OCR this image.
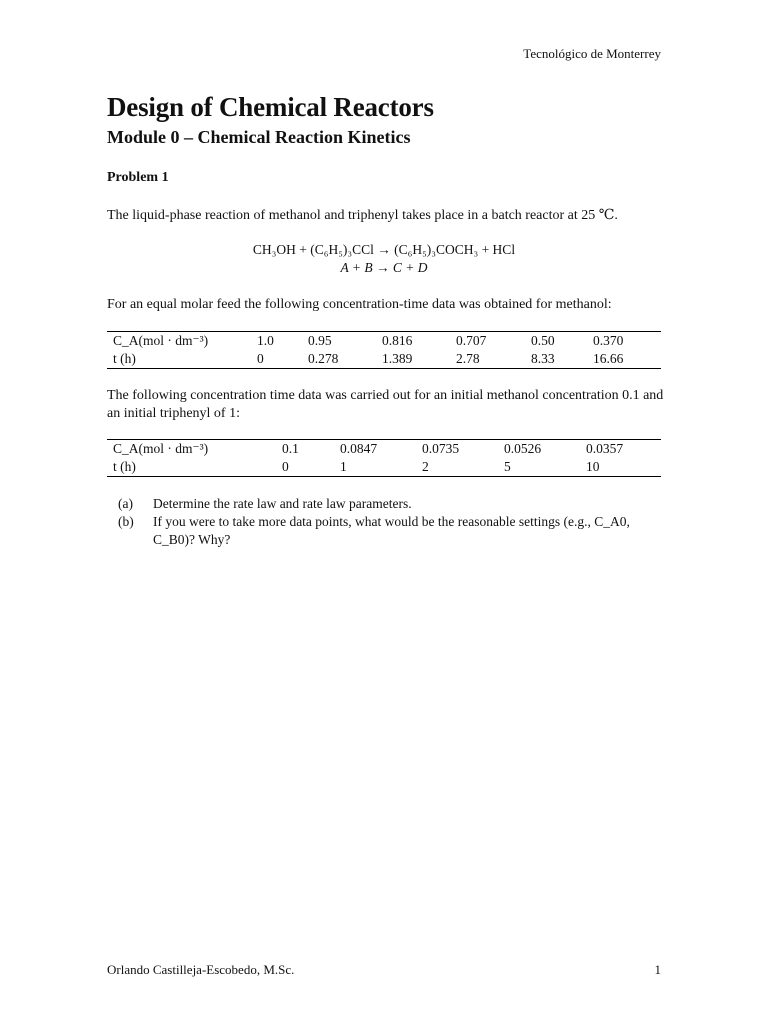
Tecnológico de Monterrey
Design of Chemical Reactors
Module 0 – Chemical Reaction Kinetics
Problem 1
The liquid-phase reaction of methanol and triphenyl takes place in a batch reactor at 25 ℃.
CH₃OH + (C₆H₅)₃CCl → (C₆H₅)₃COCH₃ + HCl
A + B → C + D
For an equal molar feed the following concentration-time data was obtained for methanol:
C_A(mol · dm⁻³)	1.0	0.95	0.816	0.707	0.50	0.370
t (h)	0	0.278	1.389	2.78	8.33	16.66
The following concentration time data was carried out for an initial methanol concentration 0.1 and an initial triphenyl of 1:
C_A(mol · dm⁻³)	0.1	0.0847	0.0735	0.0526	0.0357
t (h)	0	1	2	5	10
(a) Determine the rate law and rate law parameters.
(b) If you were to take more data points, what would be the reasonable settings (e.g., C_A0, C_B0)? Why?
Orlando Castilleja-Escobedo, M.Sc.	1
